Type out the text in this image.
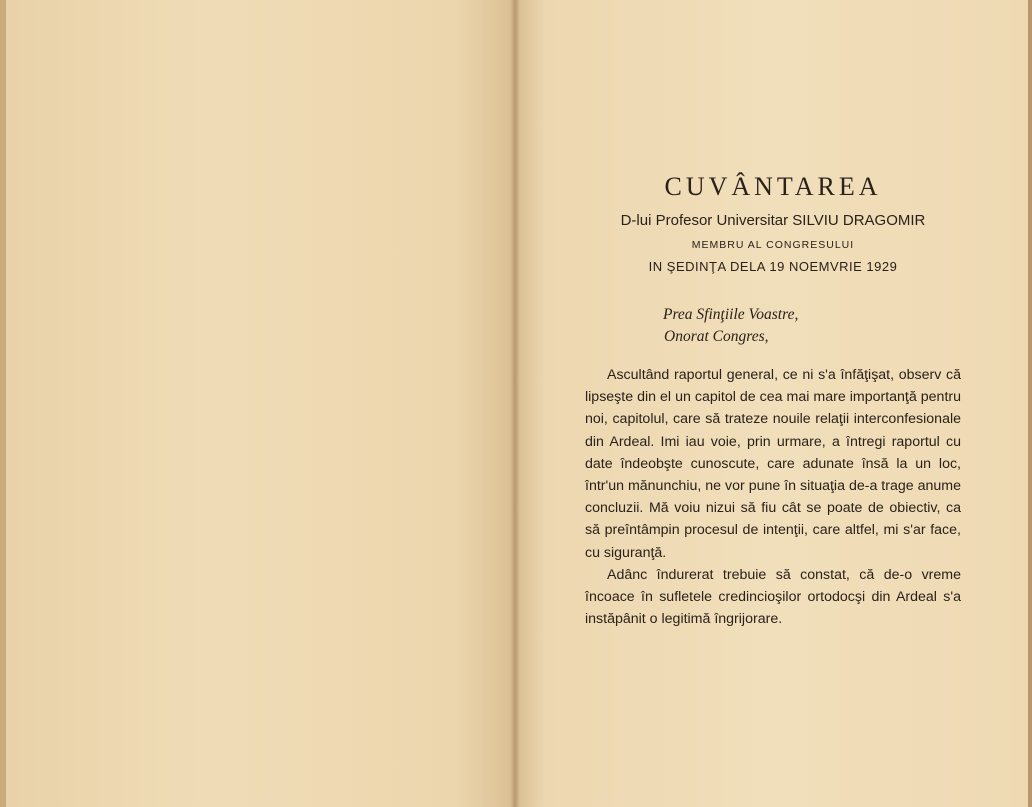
CUVÂNTAREA
D-lui Profesor Universitar SILVIU DRAGOMIR
MEMBRU AL CONGRESULUI
IN ŞEDINŢA DELA 19 NOEMVRIE 1929
Prea Sfinţiile Voastre,
Onorat Congres,

Ascultând raportul general, ce ni s'a înfăţişat, observ că lipseşte din el un capitol de cea mai mare importanţă pentru noi, capitolul, care să trateze nouile relaţii interconfesionale din Ardeal. Imi iau voie, prin urmare, a întregi raportul cu date îndeobşte cunoscute, care adunate însă la un loc, într'un mănunchiu, ne vor pune în situaţia de-a trage anume concluzii. Mă voiu nizui să fiu cât se poate de obiectiv, ca să preîntâmpin procesul de intenţii, care altfel, mi s'ar face, cu siguranţă.

Adânc îndurerat trebuie să constat, că de-o vreme încoace în sufletele credincioşilor ortodocşi din Ardeal s'a instăpânit o legitimă îngrijorare.
